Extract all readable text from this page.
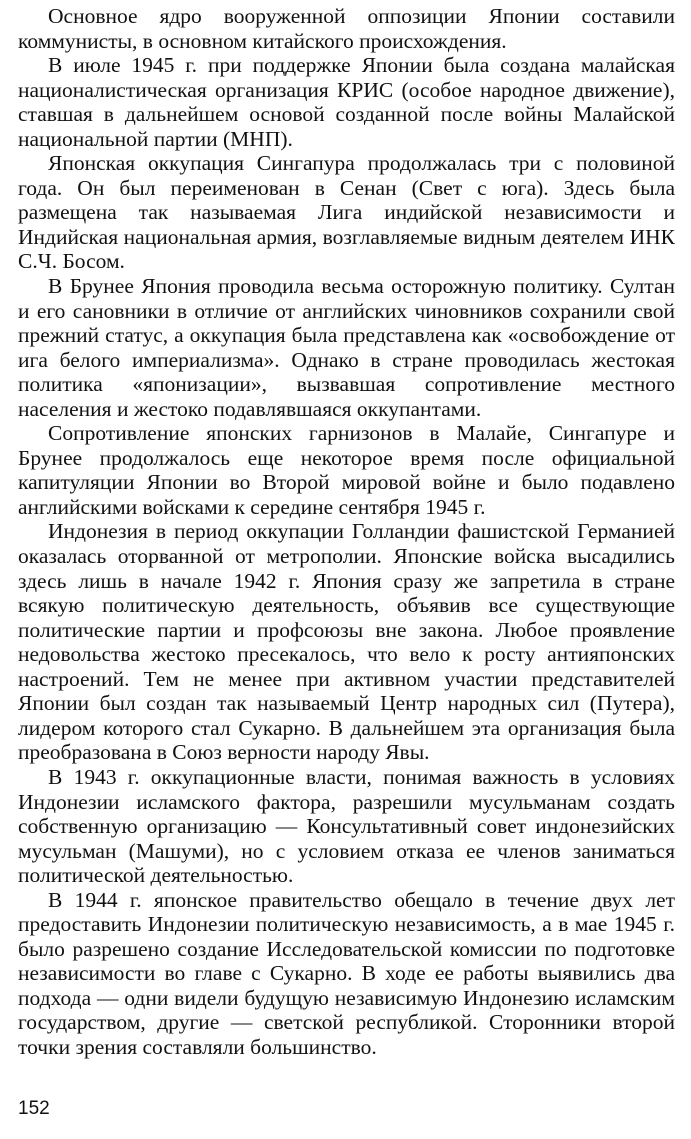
Основное ядро вооруженной оппозиции Японии составили коммунисты, в основном китайского происхождения.

В июле 1945 г. при поддержке Японии была создана малайская националистическая организация КРИС (особое народное движение), ставшая в дальнейшем основой созданной после войны Малайской национальной партии (МНП).

Японская оккупация Сингапура продолжалась три с половиной года. Он был переименован в Сенан (Свет с юга). Здесь была размещена так называемая Лига индийской независимости и Индийская национальная армия, возглавляемые видным деятелем ИНК С.Ч. Босом.

В Брунее Япония проводила весьма осторожную политику. Султан и его сановники в отличие от английских чиновников сохранили свой прежний статус, а оккупация была представлена как «освобождение от ига белого империализма». Однако в стране проводилась жестокая политика «японизации», вызвавшая сопротивление местного населения и жестоко подавлявшаяся оккупантами.

Сопротивление японских гарнизонов в Малайе, Сингапуре и Брунее продолжалось еще некоторое время после официальной капитуляции Японии во Второй мировой войне и было подавлено английскими войсками к середине сентября 1945 г.

Индонезия в период оккупации Голландии фашистской Германией оказалась оторванной от метрополии. Японские войска высадились здесь лишь в начале 1942 г. Япония сразу же запретила в стране всякую политическую деятельность, объявив все существующие политические партии и профсоюзы вне закона. Любое проявление недовольства жестоко пресекалось, что вело к росту антияпонских настроений. Тем не менее при активном участии представителей Японии был создан так называемый Центр народных сил (Путера), лидером которого стал Сукарно. В дальнейшем эта организация была преобразована в Союз верности народу Явы.

В 1943 г. оккупационные власти, понимая важность в условиях Индонезии исламского фактора, разрешили мусульманам создать собственную организацию — Консультативный совет индонезийских мусульман (Машуми), но с условием отказа ее членов заниматься политической деятельностью.

В 1944 г. японское правительство обещало в течение двух лет предоставить Индонезии политическую независимость, а в мае 1945 г. было разрешено создание Исследовательской комиссии по подготовке независимости во главе с Сукарно. В ходе ее работы выявились два подхода — одни видели будущую независимую Индонезию исламским государством, другие — светской республикой. Сторонники второй точки зрения составляли большинство.

152
